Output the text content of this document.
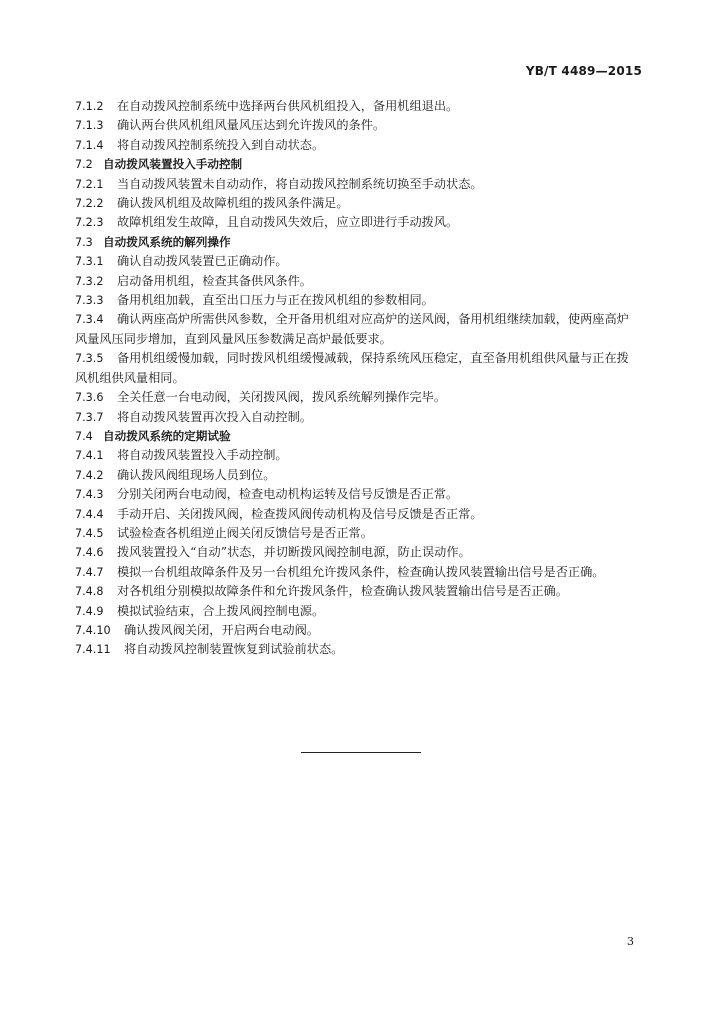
YB/T 4489—2015
7.1.2 在自动拨风控制系统中选择两台供风机组投入，备用机组退出。
7.1.3 确认两台供风机组风量风压达到允许拨风的条件。
7.1.4 将自动拨风控制系统投入到自动状态。
7.2 自动拨风装置投入手动控制
7.2.1 当自动拨风装置未自动动作，将自动拨风控制系统切换至手动状态。
7.2.2 确认拨风机组及故障机组的拨风条件满足。
7.2.3 故障机组发生故障，且自动拨风失效后，应立即进行手动拨风。
7.3 自动拨风系统的解列操作
7.3.1 确认自动拨风装置已正确动作。
7.3.2 启动备用机组，检查其备供风条件。
7.3.3 备用机组加载，直至出口压力与正在拨风机组的参数相同。
7.3.4 确认两座高炉所需供风参数，全开备用机组对应高炉的送风阀，备用机组继续加载，使两座高炉
风量风压同步增加，直到风量风压参数满足高炉最低要求。
7.3.5 备用机组缓慢加载，同时拨风机组缓慢减载，保持系统风压稳定，直至备用机组供风量与正在拨
风机组供风量相同。
7.3.6 全关任意一台电动阀，关闭拨风阀，拨风系统解列操作完毕。
7.3.7 将自动拨风装置再次投入自动控制。
7.4 自动拨风系统的定期试验
7.4.1 将自动拨风装置投入手动控制。
7.4.2 确认拨风阀组现场人员到位。
7.4.3 分别关闭两台电动阀，检查电动机构运转及信号反馈是否正常。
7.4.4 手动开启、关闭拨风阀，检查拨风阀传动机构及信号反馈是否正常。
7.4.5 试验检查各机组逆止阀关闭反馈信号是否正常。
7.4.6 拨风装置投入“自动”状态，并切断拨风阀控制电源，防止误动作。
7.4.7 模拟一台机组故障条件及另一台机组允许拨风条件，检查确认拨风装置输出信号是否正确。
7.4.8 对各机组分别模拟故障条件和允许拨风条件，检查确认拨风装置输出信号是否正确。
7.4.9 模拟试验结束，合上拨风阀控制电源。
7.4.10 确认拨风阀关闭，开启两台电动阀。
7.4.11 将自动拨风控制装置恢复到试验前状态。
3
